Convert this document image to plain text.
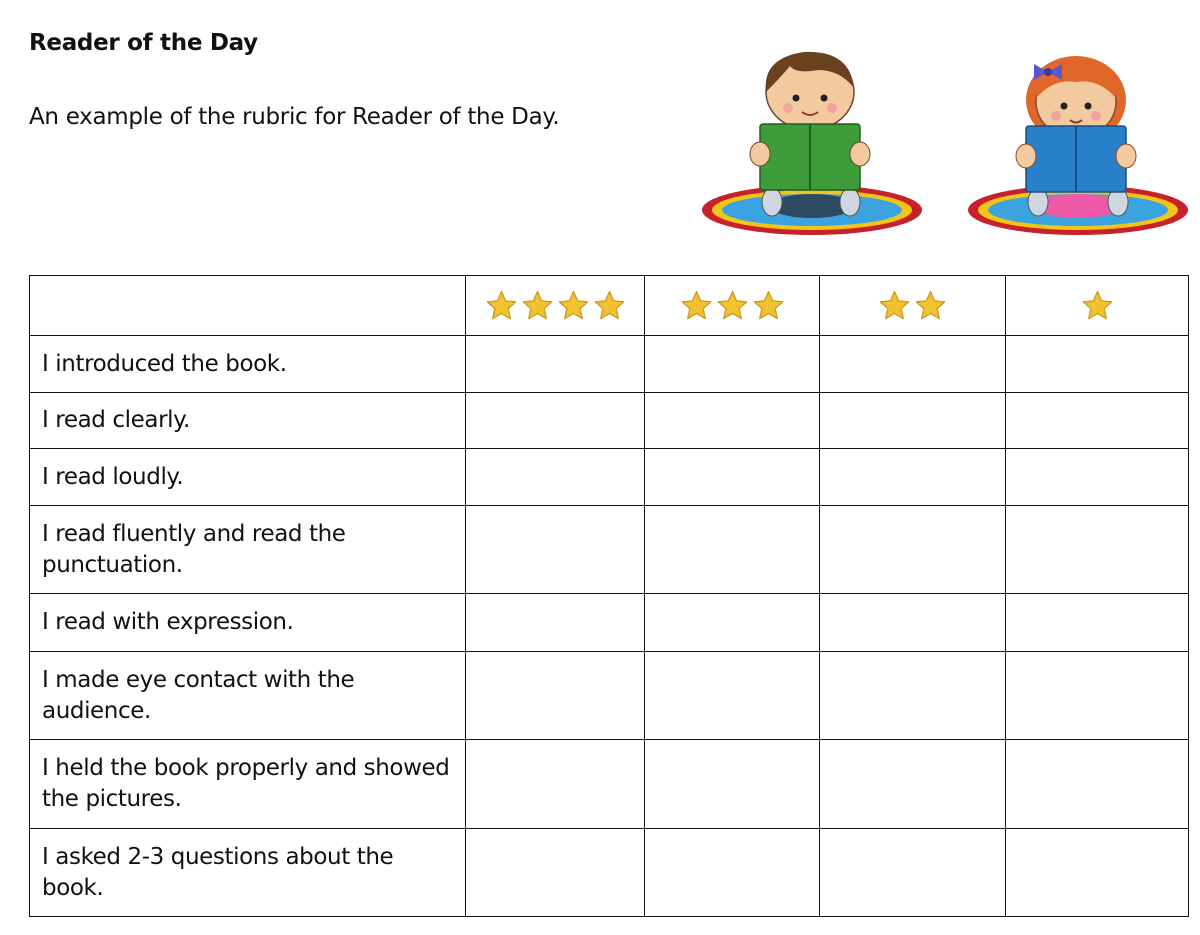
Reader of the Day
An example of the rubric for Reader of the Day.

I introduced the book.				
I read clearly.				
I read loudly.				
I read fluently and read the punctuation.				
I read with expression.				
I made eye contact with the audience.				
I held the book properly and showed the pictures.				
I asked 2-3 questions about the book.				
